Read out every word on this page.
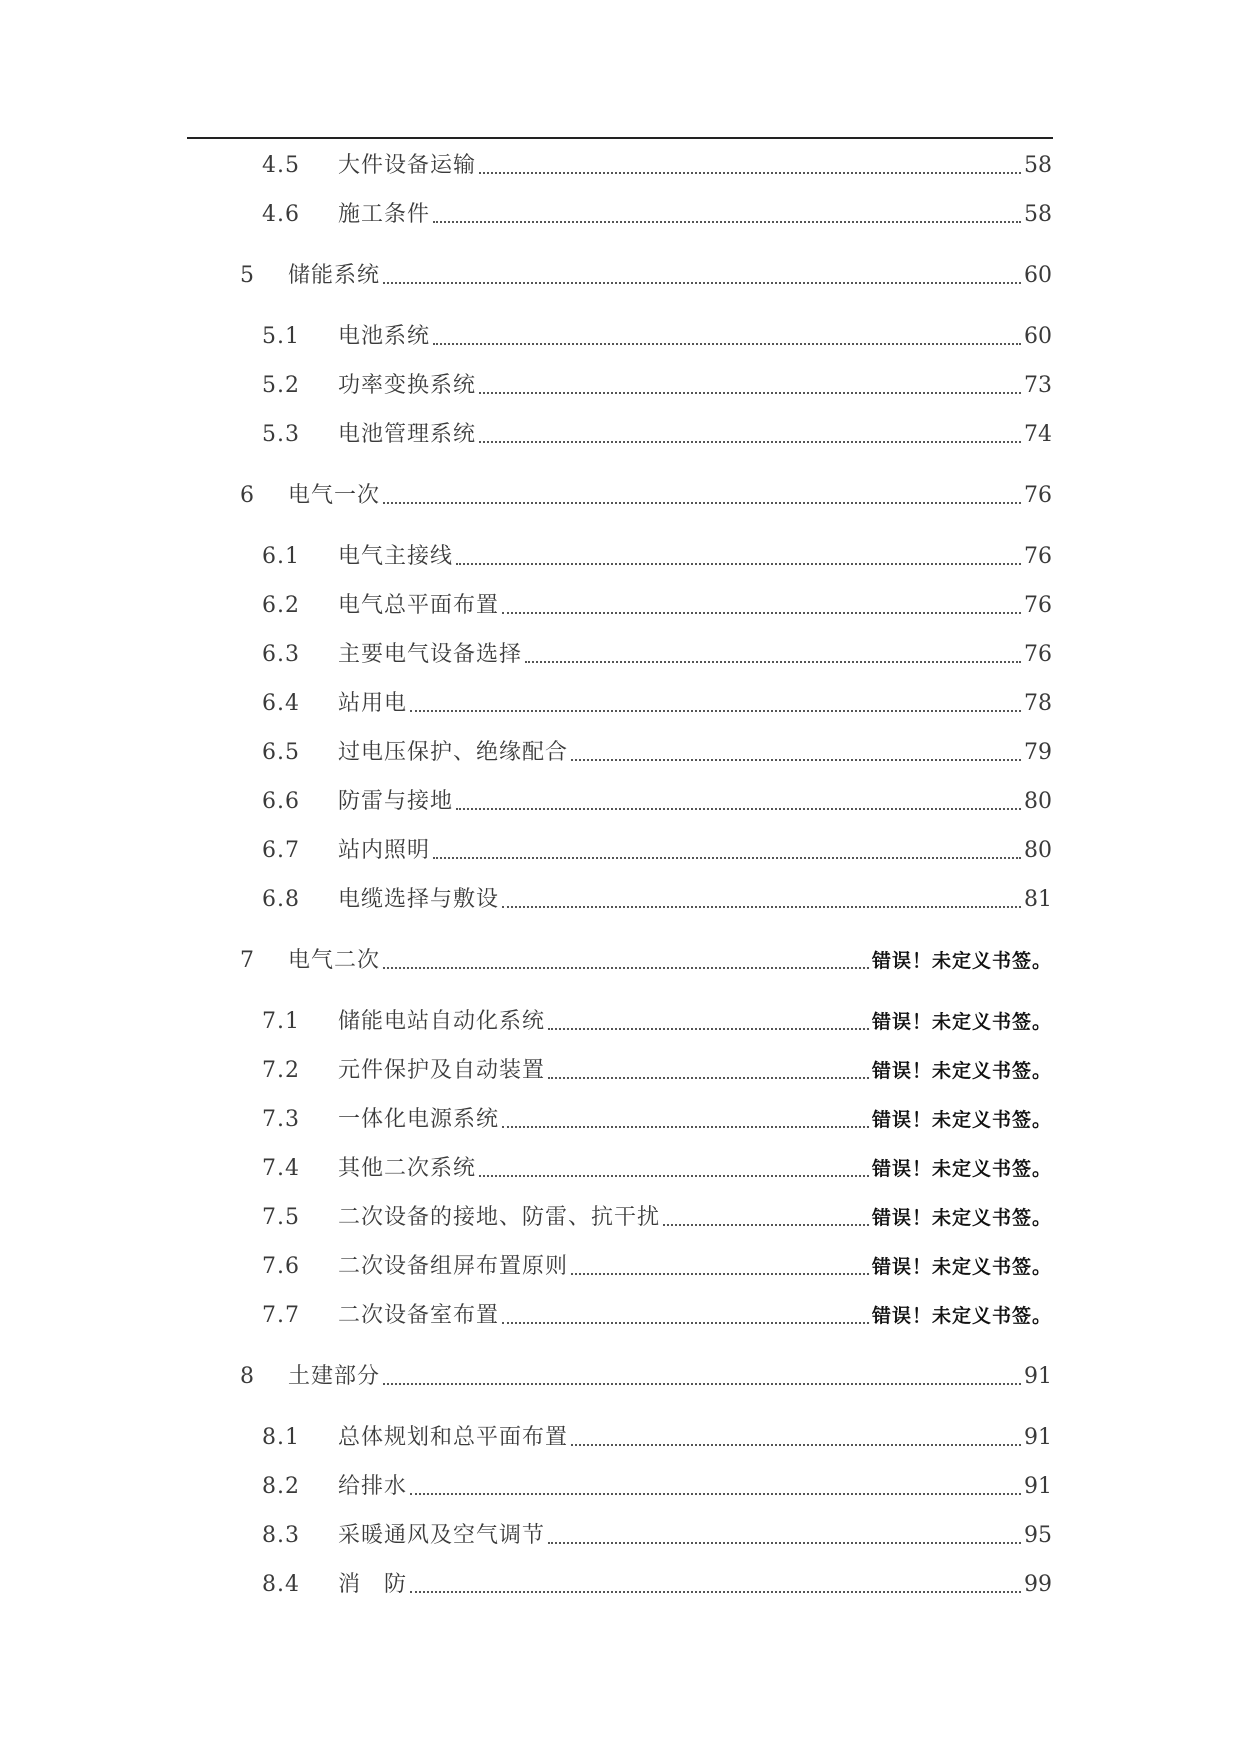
4.5	大件设备运输	58
4.6	施工条件	58
5	储能系统	60
5.1	电池系统	60
5.2	功率变换系统	73
5.3	电池管理系统	74
6	电气一次	76
6.1	电气主接线	76
6.2	电气总平面布置	76
6.3	主要电气设备选择	76
6.4	站用电	78
6.5	过电压保护、绝缘配合	79
6.6	防雷与接地	80
6.7	站内照明	80
6.8	电缆选择与敷设	81
7	电气二次	错误！未定义书签。
7.1	储能电站自动化系统	错误！未定义书签。
7.2	元件保护及自动装置	错误！未定义书签。
7.3	一体化电源系统	错误！未定义书签。
7.4	其他二次系统	错误！未定义书签。
7.5	二次设备的接地、防雷、抗干扰	错误！未定义书签。
7.6	二次设备组屏布置原则	错误！未定义书签。
7.7	二次设备室布置	错误！未定义书签。
8	土建部分	91
8.1	总体规划和总平面布置	91
8.2	给排水	91
8.3	采暖通风及空气调节	95
8.4	消　防	99
